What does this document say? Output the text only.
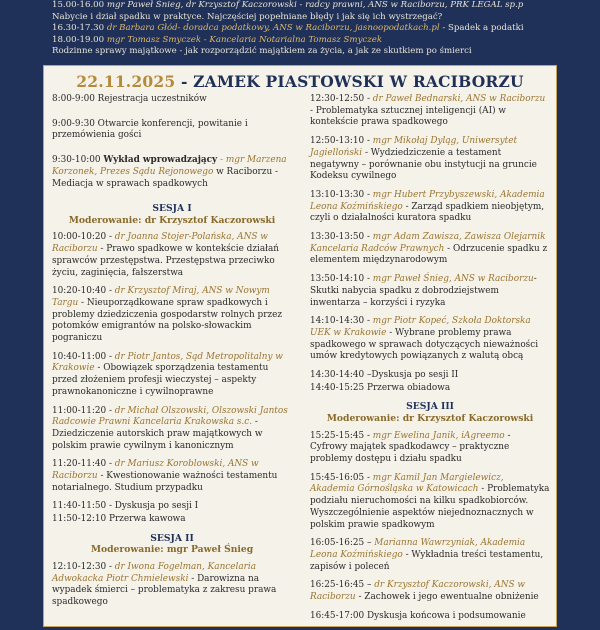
15.00-16.00 mgr Paweł Śnieg, dr Krzysztof Kaczorowski - radcy prawni, ANS w Raciborzu, PRK LEGAL sp.p
Nabycie i dział spadku w praktyce. Najczęściej popełniane błędy i jak się ich wystrzegać?
16.30-17.30 dr Barbara Głód- doradca podatkowy, ANS w Raciborzu, jasnoopodatkach.pl - Spadek a podatki
18.00-19.00 mgr Tomasz Smyczek - Kancelaria Notarialna Tomasz Smyczek
Rodzinne sprawy majątkowe - jak rozporządzić majątkiem za życia, a jak ze skutkiem po śmierci
22.11.2025 - ZAMEK PIASTOWSKI W RACIBORZU
8:00-9:00 Rejestracja uczestników
9:00-9:30 Otwarcie konferencji, powitanie i przemówienia gości
9:30-10:00 Wykład wprowadzający - mgr Marzena Korzonek, Prezes Sądu Rejonowego w Raciborzu - Mediacja w sprawach spadkowych
SESJA I
Moderowanie: dr Krzysztof Kaczorowski
10:00-10:20 - dr Joanna Stojer-Polańska, ANS w Raciborzu - Prawo spadkowe w kontekście działań sprawców przestępstwa. Przestępstwa przeciwko życiu, zaginięcia, fałszerstwa
10:20-10:40 - dr Krzysztof Miraj, ANS w Nowym Targu - Nieuporządkowane spraw spadkowych i problemy dziedziczenia gospodarstw rolnych przez potomków emigrantów na polsko-słowackim pograniczu
10:40-11:00 - dr Piotr Jantos, Sąd Metropolitalny w Krakowie - Obowiązek sporządzenia testamentu przed złożeniem profesji wieczystej – aspekty prawnokanoniczne i cywilnoprawne
11:00-11:20 - dr Michał Olszowski, Olszowski Jantos Radcowie Prawni Kancelaria Krakowska s.c. - Dziedziczenie autorskich praw majątkowych w polskim prawie cywilnym i kanonicznym
11:20-11:40 - dr Mariusz Koroblowski, ANS w Raciborzu - Kwestionowanie ważności testamentu notarialnego. Studium przypadku
11:40-11:50 - Dyskusja po sesji I
11:50-12:10 Przerwa kawowa
SESJA II
Moderowanie: mgr Paweł Śnieg
12:10-12:30 - dr Iwona Fogelman, Kancelaria Adwokacka Piotr Chmielewski - Darowizna na wypadek śmierci – problematyka z zakresu prawa spadkowego
12:30-12:50 - dr Paweł Bednarski, ANS w Raciborzu - Problematyka sztucznej inteligencji (AI) w kontekście prawa spadkowego
12:50-13:10 - mgr Mikołaj Dyląg, Uniwersytet Jagielloński - Wydziedziczenie a testament negatywny – porównanie obu instytucji na gruncie Kodeksu cywilnego
13:10-13:30 - mgr Hubert Przybyszewski, Akademia Leona Koźmińskiego - Zarząd spadkiem nieobjętym, czyli o działalności kuratora spadku
13:30-13:50 - mgr Adam Zawisza, Zawisza Olejarnik Kancelaria Radców Prawnych - Odrzucenie spadku z elementem międzynarodowym
13:50-14:10 - mgr Paweł Śnieg, ANS w Raciborzu- Skutki nabycia spadku z dobrodziejstwem inwentarza – korzyści i ryzyka
14:10-14:30 - mgr Piotr Kopeć, Szkoła Doktorska UEK w Krakowie - Wybrane problemy prawa spadkowego w sprawach dotyczących nieważności umów kredytowych powiązanych z walutą obcą
14:30-14:40 –Dyskusja po sesji II
14:40-15:25 Przerwa obiadowa
SESJA III
Moderowanie: dr Krzysztof Kaczorowski
15:25-15:45 - mgr Ewelina Janik, iAgreemo - Cyfrowy majątek spadkodawcy – praktyczne problemy dostępu i działu spadku
15:45-16:05 - mgr Kamil Jan Margielewicz, Akademia Górnośląska w Katowicach - Problematyka podziału nieruchomości na kilku spadkobiorców. Wyszczególnienie aspektów niejednoznacznych w polskim prawie spadkowym
16:05-16:25 – Marianna Wawrzyniak, Akademia Leona Koźmińskiego - Wykładnia treści testamentu, zapisów i poleceń
16:25-16:45 – dr Krzysztof Kaczorowski, ANS w Raciborzu - Zachowek i jego ewentualne obniżenie
16:45-17:00 Dyskusja końcowa i podsumowanie
